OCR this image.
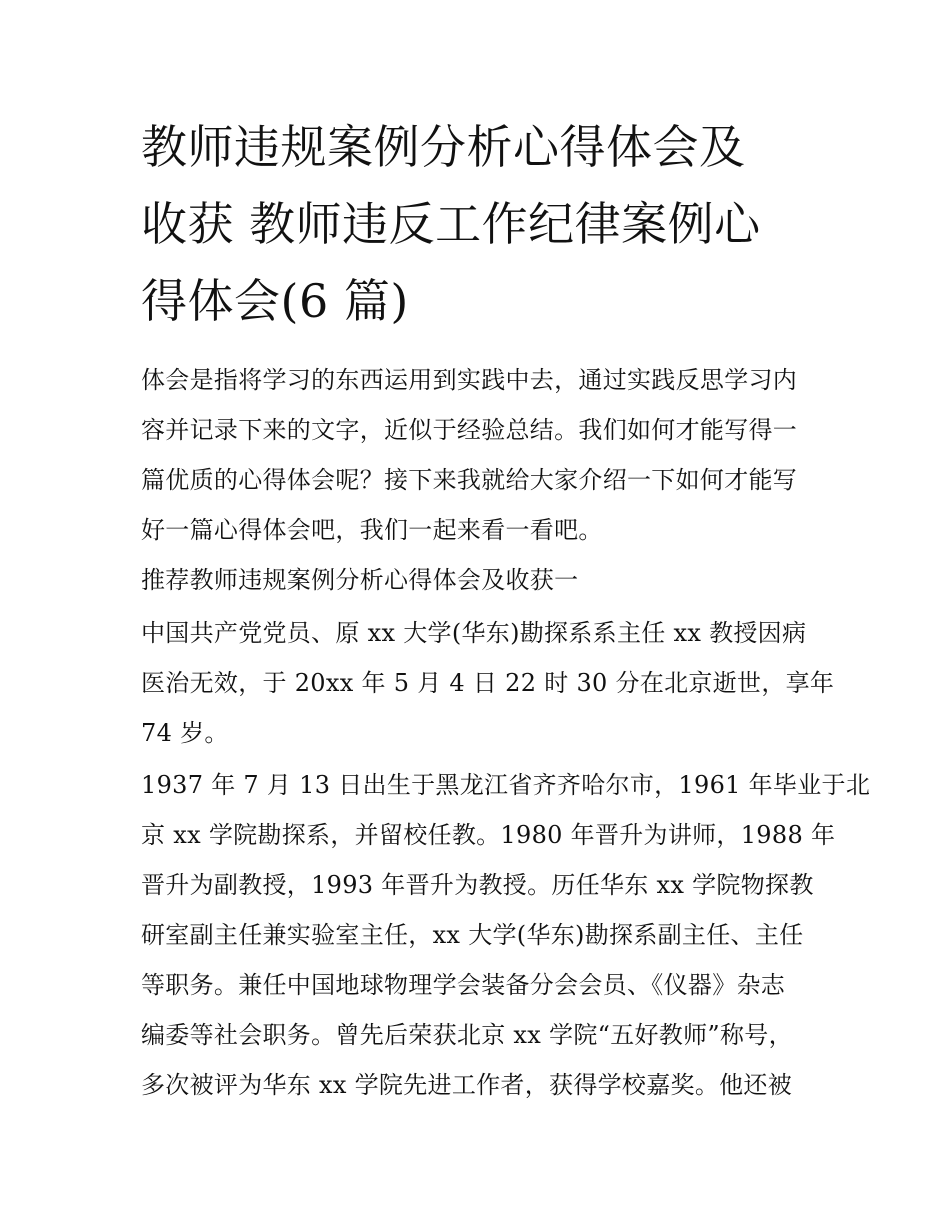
教师违规案例分析心得体会及
收获 教师违反工作纪律案例心
得体会(6 篇)
体会是指将学习的东西运用到实践中去，通过实践反思学习内
容并记录下来的文字，近似于经验总结。我们如何才能写得一
篇优质的心得体会呢？接下来我就给大家介绍一下如何才能写
好一篇心得体会吧，我们一起来看一看吧。
推荐教师违规案例分析心得体会及收获一
中国共产党党员、原 xx 大学(华东)勘探系系主任 xx 教授因病
医治无效，于 20xx 年 5 月 4 日 22 时 30 分在北京逝世，享年
74 岁。
1937 年 7 月 13 日出生于黑龙江省齐齐哈尔市，1961 年毕业于北
京 xx 学院勘探系，并留校任教。1980 年晋升为讲师，1988 年
晋升为副教授，1993 年晋升为教授。历任华东 xx 学院物探教
研室副主任兼实验室主任，xx 大学(华东)勘探系副主任、主任
等职务。兼任中国地球物理学会装备分会会员、《仪器》杂志
编委等社会职务。曾先后荣获北京 xx 学院“五好教师”称号，
多次被评为华东 xx 学院先进工作者，获得学校嘉奖。他还被
